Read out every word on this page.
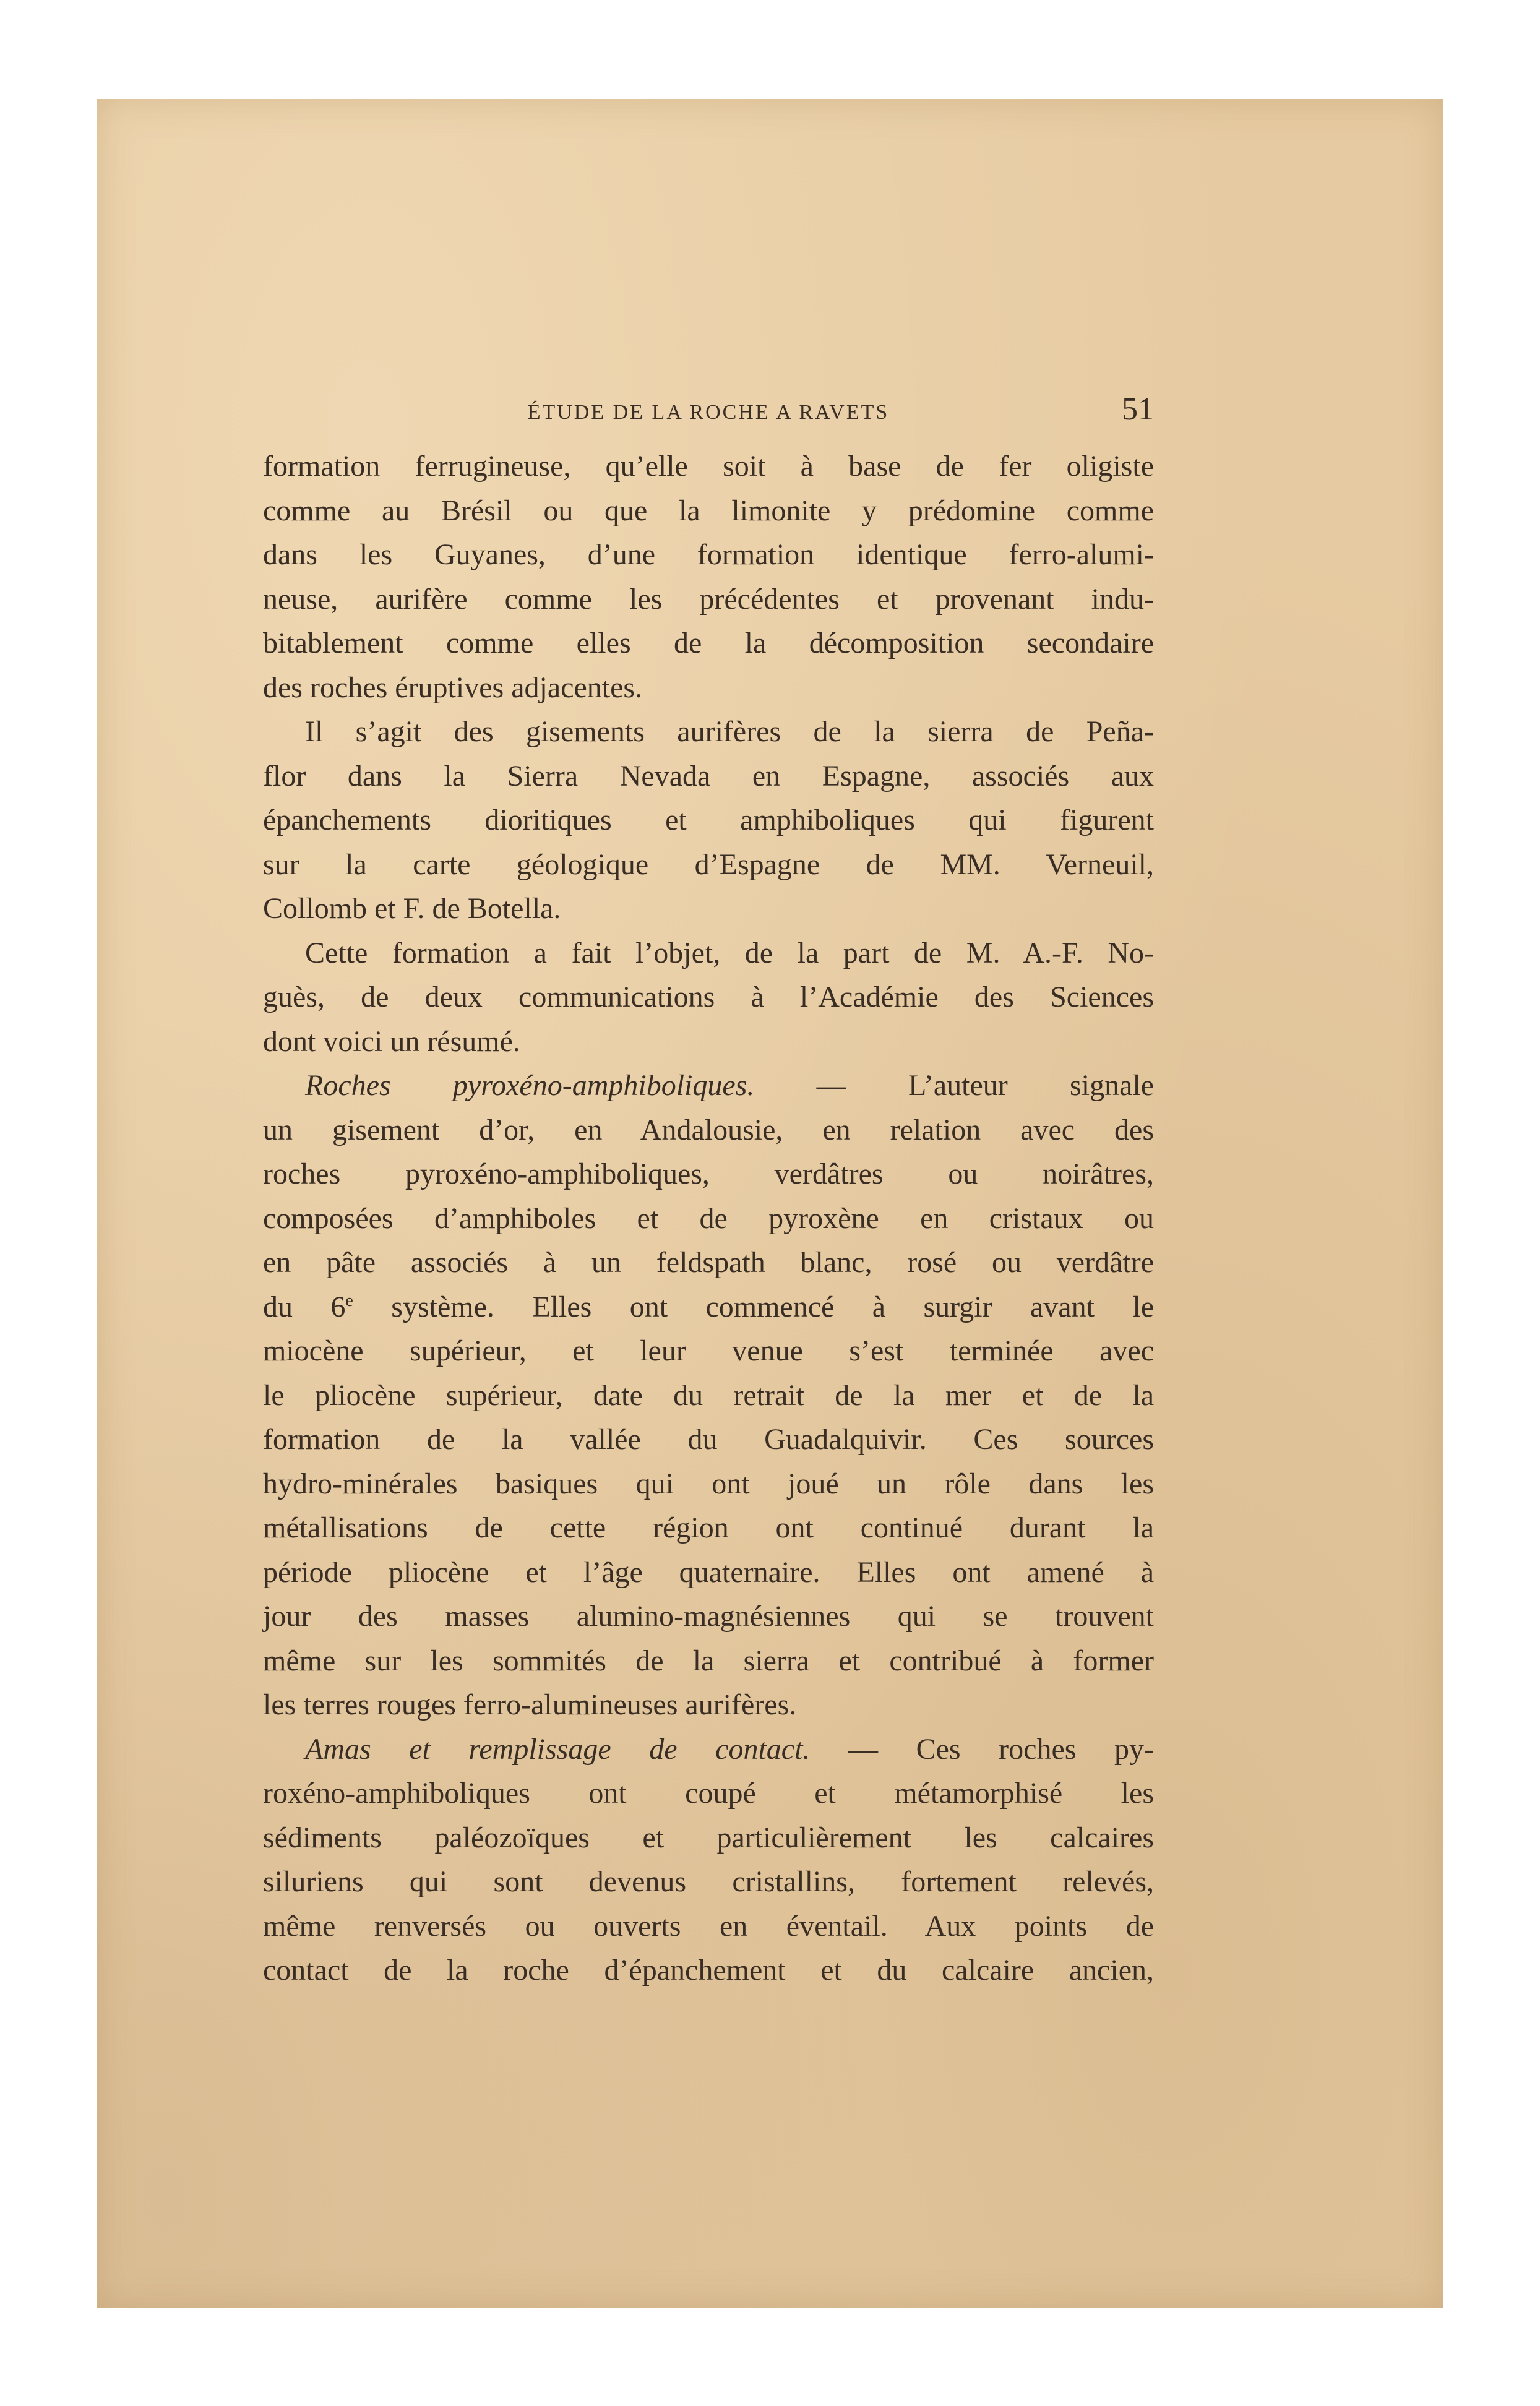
ÉTUDE DE LA ROCHE A RAVETS	51

formation ferrugineuse, qu’elle soit à base de fer oligiste

comme au Brésil ou que la limonite y prédomine comme

dans les Guyanes, d’une formation identique ferro-alumi-

neuse, aurifère comme les précédentes et provenant indu-

bitablement comme elles de la décomposition secondaire

des roches éruptives adjacentes.

Il s’agit des gisements aurifères de la sierra de Peña-

flor dans la Sierra Nevada en Espagne, associés aux

épanchements dioritiques et amphiboliques qui figurent

sur la carte géologique d’Espagne de MM. Verneuil,

Collomb et F. de Botella.

Cette formation a fait l’objet, de la part de M. A.-F. No-

guès, de deux communications à l’Académie des Sciences

dont voici un résumé.

Roches pyroxéno-amphiboliques. — L’auteur signale

un gisement d’or, en Andalousie, en relation avec des

roches pyroxéno-amphiboliques, verdâtres ou noirâtres,

composées d’amphiboles et de pyroxène en cristaux ou

en pâte associés à un feldspath blanc, rosé ou verdâtre

du 6e système. Elles ont commencé à surgir avant le

miocène supérieur, et leur venue s’est terminée avec

le pliocène supérieur, date du retrait de la mer et de la

formation de la vallée du Guadalquivir. Ces sources

hydro-minérales basiques qui ont joué un rôle dans les

métallisations de cette région ont continué durant la

période pliocène et l’âge quaternaire. Elles ont amené à

jour des masses alumino-magnésiennes qui se trouvent

même sur les sommités de la sierra et contribué à former

les terres rouges ferro-alumineuses aurifères.

Amas et remplissage de contact. — Ces roches py-

roxéno-amphiboliques ont coupé et métamorphisé les

sédiments paléozoïques et particulièrement les calcaires

siluriens qui sont devenus cristallins, fortement relevés,

même renversés ou ouverts en éventail. Aux points de

contact de la roche d’épanchement et du calcaire ancien,
